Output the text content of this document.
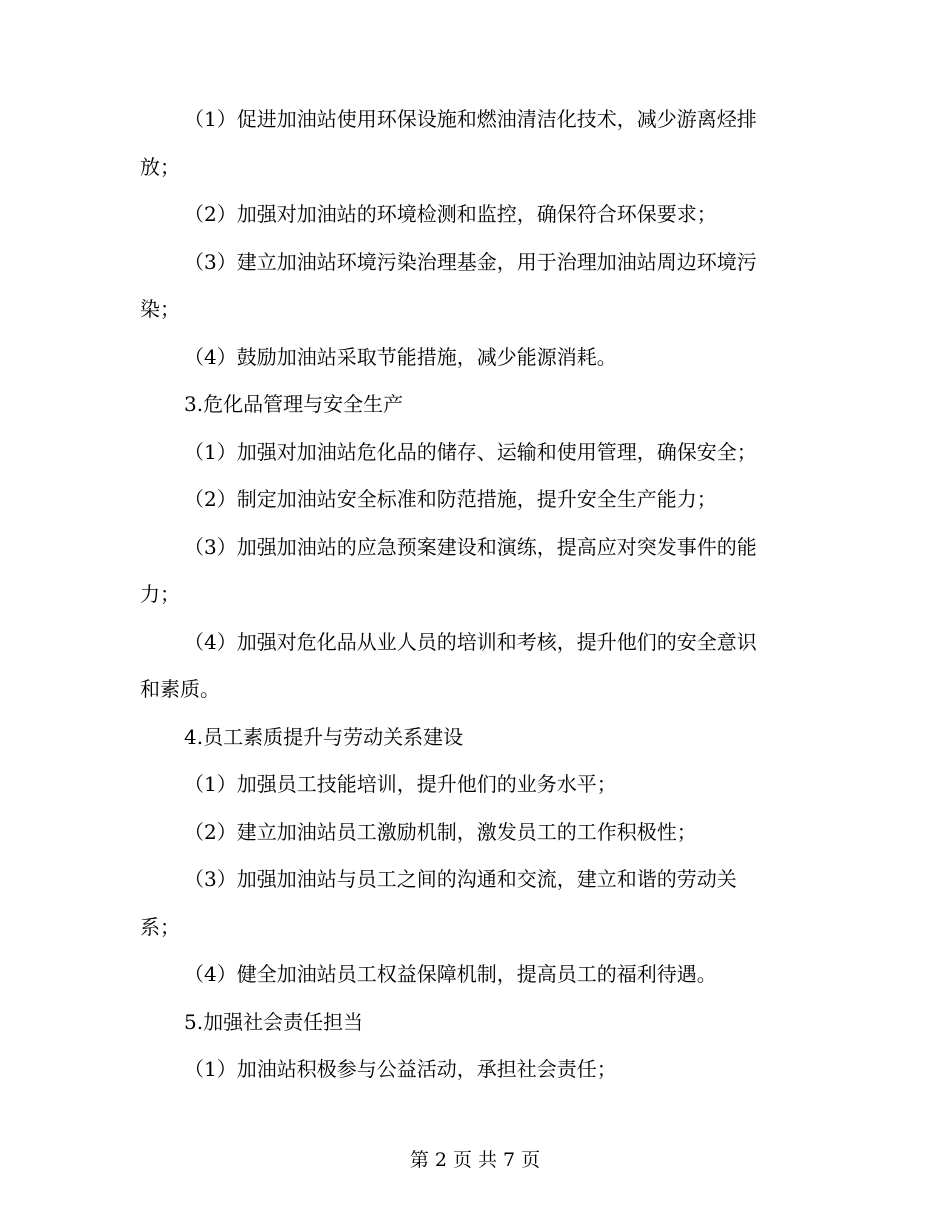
（1）促进加油站使用环保设施和燃油清洁化技术，减少游离烃排
放；
（2）加强对加油站的环境检测和监控，确保符合环保要求；
（3）建立加油站环境污染治理基金，用于治理加油站周边环境污
染；
（4）鼓励加油站采取节能措施，减少能源消耗。
3.危化品管理与安全生产
（1）加强对加油站危化品的储存、运输和使用管理，确保安全；
（2）制定加油站安全标准和防范措施，提升安全生产能力；
（3）加强加油站的应急预案建设和演练，提高应对突发事件的能
力；
（4）加强对危化品从业人员的培训和考核，提升他们的安全意识
和素质。
4.员工素质提升与劳动关系建设
（1）加强员工技能培训，提升他们的业务水平；
（2）建立加油站员工激励机制，激发员工的工作积极性；
（3）加强加油站与员工之间的沟通和交流，建立和谐的劳动关
系；
（4）健全加油站员工权益保障机制，提高员工的福利待遇。
5.加强社会责任担当
（1）加油站积极参与公益活动，承担社会责任；
第 2 页 共 7 页
